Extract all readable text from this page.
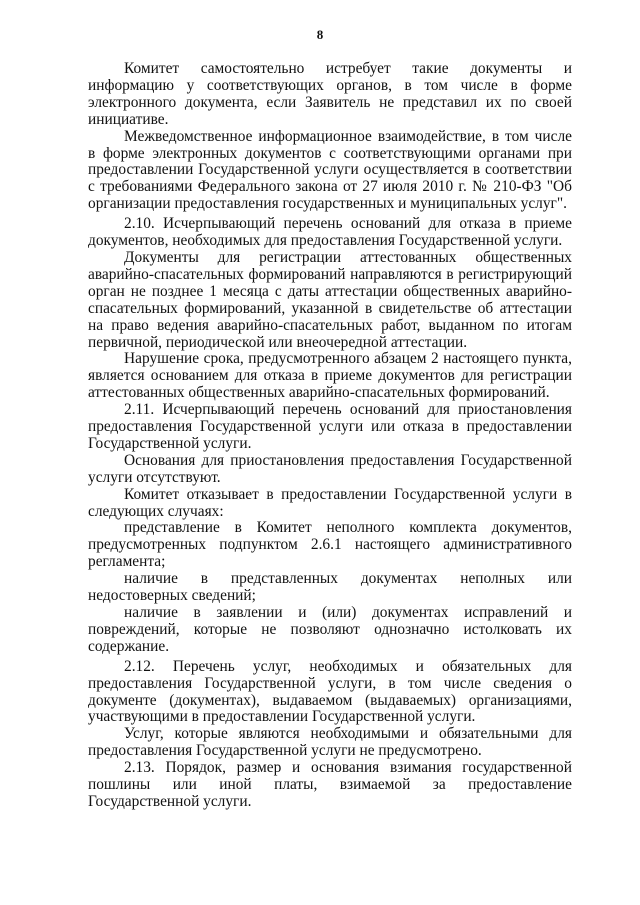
8

Комитет самостоятельно истребует такие документы и информацию у соответствующих органов, в том числе в форме электронного документа, если Заявитель не представил их по своей инициативе.

Межведомственное информационное взаимодействие, в том числе в форме электронных документов с соответствующими органами при предоставлении Государственной услуги осуществляется в соответствии с требованиями Федерального закона от 27 июля 2010 г. № 210-ФЗ "Об организации предоставления государственных и муниципальных услуг".

2.10. Исчерпывающий перечень оснований для отказа в приеме документов, необходимых для предоставления Государственной услуги.

Документы для регистрации аттестованных общественных аварийно-спасательных формирований направляются в регистрирующий орган не позднее 1 месяца с даты аттестации общественных аварийно-спасательных формирований, указанной в свидетельстве об аттестации на право ведения аварийно-спасательных работ, выданном по итогам первичной, периодической или внеочередной аттестации.

Нарушение срока, предусмотренного абзацем 2 настоящего пункта, является основанием для отказа в приеме документов для регистрации аттестованных общественных аварийно-спасательных формирований.

2.11. Исчерпывающий перечень оснований для приостановления предоставления Государственной услуги или отказа в предоставлении Государственной услуги.

Основания для приостановления предоставления Государственной услуги отсутствуют.

Комитет отказывает в предоставлении Государственной услуги в следующих случаях:

представление в Комитет неполного комплекта документов, предусмотренных подпунктом 2.6.1 настоящего административного регламента;

наличие в представленных документах неполных или недостоверных сведений;

наличие в заявлении и (или) документах исправлений и повреждений, которые не позволяют однозначно истолковать их содержание.

2.12. Перечень услуг, необходимых и обязательных для предоставления Государственной услуги, в том числе сведения о документе (документах), выдаваемом (выдаваемых) организациями, участвующими в предоставлении Государственной услуги.

Услуг, которые являются необходимыми и обязательными для предоставления Государственной услуги не предусмотрено.

2.13. Порядок, размер и основания взимания государственной пошлины или иной платы, взимаемой за предоставление Государственной услуги.
